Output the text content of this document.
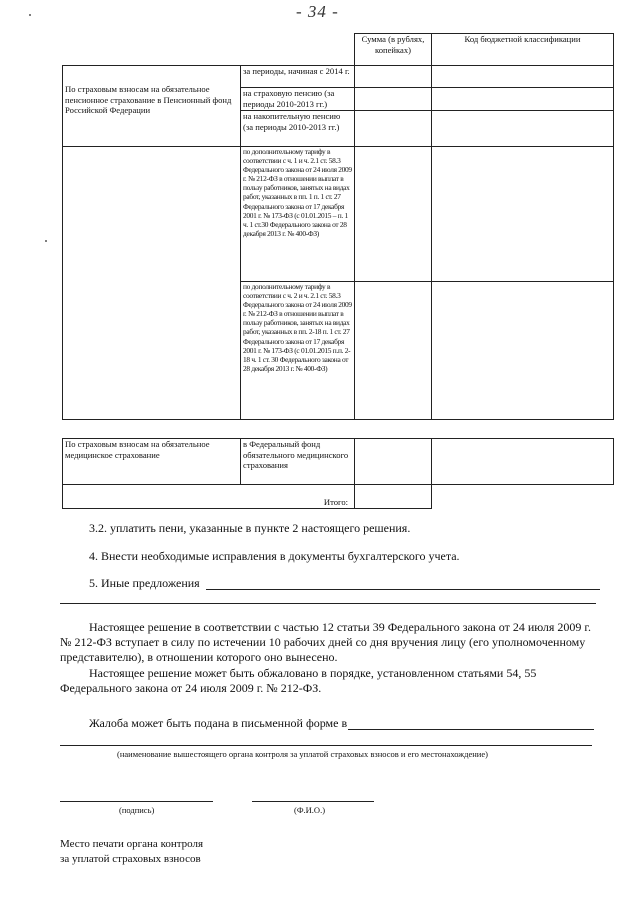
- 34 -
		Сумма (в рублях, копейках)	Код бюджетной классификации
По страховым взносам на обязательное пенсионное страхование в Пенсионный фонд Российской Федерации	за периоды, начиная с 2014 г.		
	на страховую пенсию (за периоды 2010-2013 гг.)		
	на накопительную пенсию (за периоды 2010-2013 гг.)		
	по дополнительному тарифу в соответствии с ч. 1 и ч. 2.1 ст. 58.3 Федерального закона от 24 июля 2009 г. № 212-ФЗ в отношении выплат в пользу работников, занятых на видах работ, указанных в пп. 1 п. 1 ст. 27 Федерального закона от 17 декабря 2001 г. № 173-ФЗ (с 01.01.2015 – п. 1 ч. 1 ст.30 Федерального закона от 28 декабря 2013 г. № 400-ФЗ)		
	по дополнительному тарифу в соответствии с ч. 2 и ч. 2.1 ст. 58.3 Федерального закона от 24 июля 2009 г. № 212-ФЗ в отношении выплат в пользу работников, занятых на видах работ, указанных в пп. 2-18 п. 1 ст. 27 Федерального закона от 17 декабря 2001 г. № 173-ФЗ (с 01.01.2015 п.п. 2-18 ч. 1 ст. 30 Федерального закона от 28 декабря 2013 г. № 400-ФЗ)		
По страховым взносам на обязательное медицинское страхование	в Федеральный фонд обязательного медицинского страхования		
Итого:			
3.2. уплатить пени, указанные в пункте 2 настоящего решения.
4. Внести необходимые исправления в документы бухгалтерского учета.
5. Иные предложения
Настоящее решение в соответствии с частью 12 статьи 39 Федерального закона от 24 июля 2009 г.
№ 212-ФЗ вступает в силу по истечении 10 рабочих дней со дня вручения лицу (его уполномоченному
представителю), в отношении которого оно вынесено.
Настоящее решение может быть обжаловано в порядке, установленном статьями 54, 55
Федерального закона от 24 июля 2009 г. № 212-ФЗ.
Жалоба может быть подана в письменной форме в
(наименование вышестоящего органа контроля за уплатой страховых взносов и его местонахождение)
(подпись)	(Ф.И.О.)
Место печати органа контроля
за уплатой страховых взносов
